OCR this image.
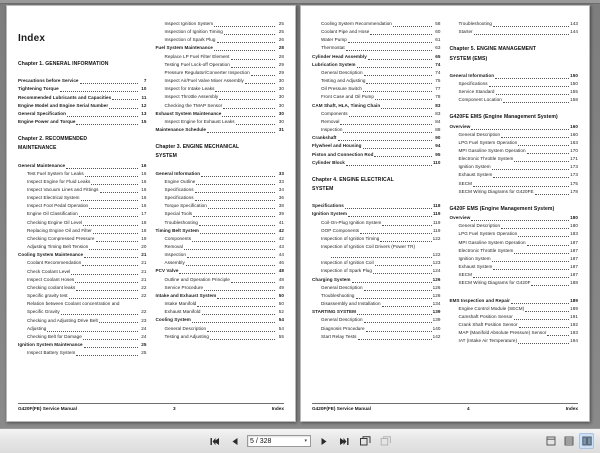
Index
Chapter 1. GENERAL INFORMATION
Precautions before Service	7
Tightening Torque	10
Recommended Lubricants and Capacities	11
Engine Model and Engine Serial Number	12
General Specification	13
Engine Power and Torque	15
Chapter 2. RECOMMENDED
MAINTENANCE
General Maintenance	16
Test Fuel System for Leaks	16
Inspect Engine for Fluid Leaks	16
Inspect Vacuum Lines and Fittings	16
Inspect Electrical System	16
Inspect Foot Pedal Operation	16
Engine Oil Classification	17
Checking Engine Oil Level	18
Replacing Engine Oil and Filter	18
Checking Compressed Pressure	19
Adjusting Timing Belt Tension	20
Cooling System Maintenance	21
Coolant Recommendation	21
Check Coolant Level	21
Inspect Coolant Hoses	21
Checking coolant leaks	22
Specific gravity test	22
Relation between Coolant concentration and
Specific Gravity	22
Checking and Adjusting Drive Belt	23
Adjusting	24
Checking Belt for Damage	24
Ignition System Maintenance	25
Inspect Battery System	25
Inspect Ignition System	25
Inspection of Ignition Timing	25
Inspection of Spark Plug	26
Fuel System Maintenance	28
Replace LP Fuel Filter Element	28
Testing Fuel Lock-off Operation	29
Pressure Regulator/Converter Inspection	29
Inspect Air/Fuel Valve Mixer Assembly	30
Inspect for Intake Leaks	30
Inspect Throttle Assembly	30
Checking the TMAP Sensor	30
Exhaust System Maintenance	30
Inspect Engine for Exhaust Leaks	30
Maintenance Schedule	31
Chapter 3. ENGINE MECHANICAL
SYSTEM
General Information	33
Engine Outline	33
Specifications	34
Specifications	36
Torque Specification	38
Special Tools	39
Troubleshooting	41
Timing Belt System	42
Components	42
Removal	43
Inspection	44
Assembly	46
PCV Valve	48
Outline and Operation Principle	48
Service Procedure	49
Intake and Exhaust System	50
Intake Manifold	50
Exhaust Manifold	52
Cooling System	54
General Description	54
Testing and Adjusting	55
G420F(FE) Service Manual	3	Index
Cooling System Recommendation	58
Coolant Pipe and Hose	60
Water Pump	61
Thermostat	63
Cylinder Head Assembly	65
Lubrication System	74
General Description	74
Testing and Adjusting	75
Oil Pressure Switch	77
Front Case and Oil Pump	78
CAM Shaft, HLA, Timing Chain	83
Components	83
Removal	84
Inspection	88
Crankshaft	90
Flywheel and Housing	94
Piston and Connection Rod	95
Cylinder Block	110
Chapter 4. ENGINE ELECTRICAL
SYSTEM
Specifications	118
Ignition System	119
Coil-On-Plug Ignition System	119
OOP Components	119
Inspection of Ignition Timing	122
Inspection of Ignition Coil Drivers (Power TR)
122
Inspection of Ignition Coil	123
Inspection of Spark Plug	124
Charging System	126
General Description	126
Troubleshooting	128
Disassembly and Installation	134
STARTING SYSTEM	139
General Description	139
Diagnosis Procedure	140
Start Relay Tests	142
Troubleshooting	143
Starter	144
Chapter 5. ENGINE MANAGEMENT
SYSTEM (EMS)
General Information	150
Specifications	150
Service Standard	155
Component Location	158
G420FE EMS (Engine Management System)
Overview	160
General Description	160
LPG Fuel System Operation	163
MPI Gasoline System Operation	170
Electronic Throttle System	171
Ignition System	173
Exhaust System	173
SECM	175
SECM Wiring Diagrams for G420FE	178
G420F EMS (Engine Management System)
Overview	180
General Description	180
LPG Fuel System Operation	183
MPI Gasoline System Operation	187
Electronic Throttle System	187
Ignition System	187
Exhaust System	187
SECM	187
SECM Wiring Diagrams for G420F	188
EMS Inspection and Repair	189
Engine Control Module (SECM)	189
Camshaft Position Sensor	191
Crank Shaft Position Sensor	192
MAP (Manifold Absolute Pressure) Sensor	193
IAT (Intake Air Temperature)	194
G420F(FE) Service Manual	4	Index
5 / 328	▾
